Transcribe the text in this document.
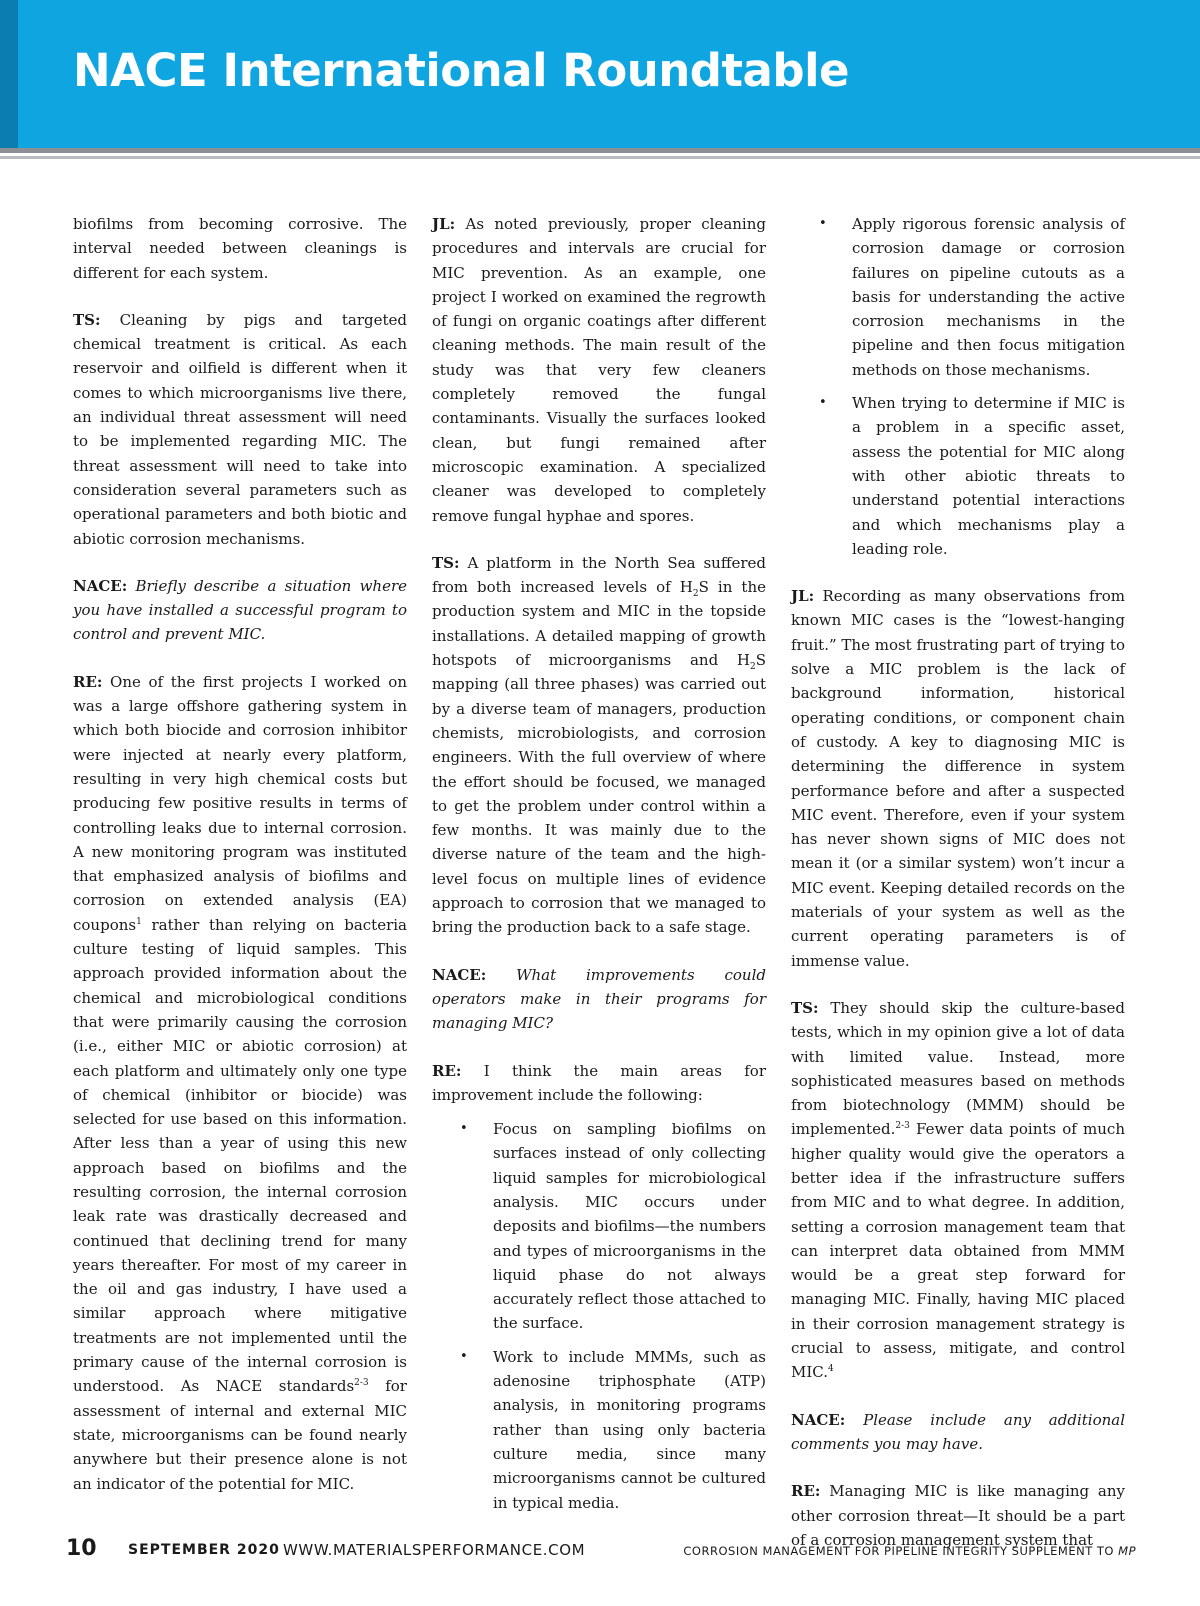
NACE International Roundtable

biofilms from becoming corrosive. The interval needed between cleanings is different for each system.

TS: Cleaning by pigs and targeted chemical treatment is critical. As each reservoir and oilfield is different when it comes to which microorganisms live there, an individual threat assessment will need to be implemented regarding MIC. The threat assessment will need to take into consideration several parameters such as operational parameters and both biotic and abiotic corrosion mechanisms.

NACE: Briefly describe a situation where you have installed a successful program to control and prevent MIC.

RE: One of the first projects I worked on was a large offshore gathering system in which both biocide and corrosion inhibitor were injected at nearly every platform, resulting in very high chemical costs but producing few positive results in terms of controlling leaks due to internal corrosion. A new monitoring program was instituted that emphasized analysis of biofilms and corrosion on extended analysis (EA) coupons$^1$ rather than relying on bacteria culture testing of liquid samples. This approach provided information about the chemical and microbiological conditions that were primarily causing the corrosion (i.e., either MIC or abiotic corrosion) at each platform and ultimately only one type of chemical (inhibitor or biocide) was selected for use based on this information. After less than a year of using this new approach based on biofilms and the resulting corrosion, the internal corrosion leak rate was drastically decreased and continued that declining trend for many years thereafter. For most of my career in the oil and gas industry, I have used a similar approach where mitigative treatments are not implemented until the primary cause of the internal corrosion is understood. As NACE standards$^{2-3}$ for assessment of internal and external MIC state, microorganisms can be found nearly anywhere but their presence alone is not an indicator of the potential for MIC.

JL: As noted previously, proper cleaning procedures and intervals are crucial for MIC prevention. As an example, one project I worked on examined the regrowth of fungi on organic coatings after different cleaning methods. The main result of the study was that very few cleaners completely removed the fungal contaminants. Visually the surfaces looked clean, but fungi remained after microscopic examination. A specialized cleaner was developed to completely remove fungal hyphae and spores.

TS: A platform in the North Sea suffered from both increased levels of $H_2S$ in the production system and MIC in the topside installations. A detailed mapping of growth hotspots of microorganisms and $H_2S$ mapping (all three phases) was carried out by a diverse team of managers, production chemists, microbiologists, and corrosion engineers. With the full overview of where the effort should be focused, we managed to get the problem under control within a few months. It was mainly due to the diverse nature of the team and the high-level focus on multiple lines of evidence approach to corrosion that we managed to bring the production back to a safe stage.

NACE: What improvements could operators make in their programs for managing MIC?

RE: I think the main areas for improvement include the following:

• Focus on sampling biofilms on surfaces instead of only collecting liquid samples for microbiological analysis. MIC occurs under deposits and biofilms—the numbers and types of microorganisms in the liquid phase do not always accurately reflect those attached to the surface.
• Work to include MMMs, such as adenosine triphosphate (ATP) analysis, in monitoring programs rather than using only bacteria culture media, since many microorganisms cannot be cultured in typical media.
• Apply rigorous forensic analysis of corrosion damage or corrosion failures on pipeline cutouts as a basis for understanding the active corrosion mechanisms in the pipeline and then focus mitigation methods on those mechanisms.
• When trying to determine if MIC is a problem in a specific asset, assess the potential for MIC along with other abiotic threats to understand potential interactions and which mechanisms play a leading role.

JL: Recording as many observations from known MIC cases is the “lowest-hanging fruit.” The most frustrating part of trying to solve a MIC problem is the lack of background information, historical operating conditions, or component chain of custody. A key to diagnosing MIC is determining the difference in system performance before and after a suspected MIC event. Therefore, even if your system has never shown signs of MIC does not mean it (or a similar system) won’t incur a MIC event. Keeping detailed records on the materials of your system as well as the current operating parameters is of immense value.

TS: They should skip the culture-based tests, which in my opinion give a lot of data with limited value. Instead, more sophisticated measures based on methods from biotechnology (MMM) should be implemented.$^{2-3}$ Fewer data points of much higher quality would give the operators a better idea if the infrastructure suffers from MIC and to what degree. In addition, setting a corrosion management team that can interpret data obtained from MMM would be a great step forward for managing MIC. Finally, having MIC placed in their corrosion management strategy is crucial to assess, mitigate, and control MIC.$^4$

NACE: Please include any additional comments you may have.

RE: Managing MIC is like managing any other corrosion threat—It should be a part of a corrosion management system that

10 SEPTEMBER 2020 WWW.MATERIALSPERFORMANCE.COM	CORROSION MANAGEMENT FOR PIPELINE INTEGRITY SUPPLEMENT TO MP
